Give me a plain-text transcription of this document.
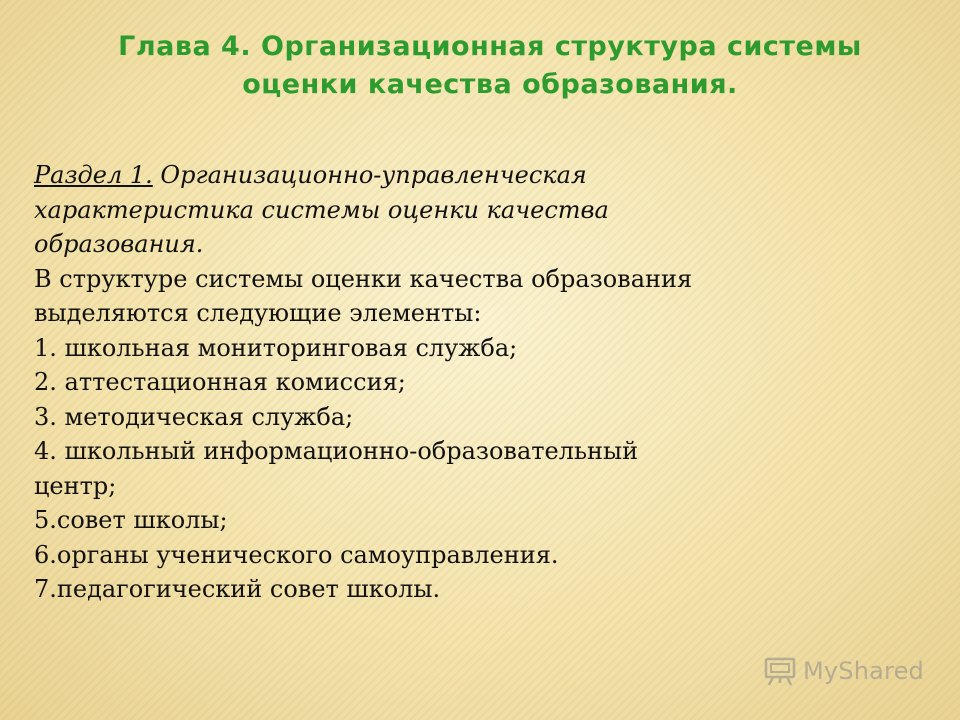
Глава 4. Организационная структура системы
оценки качества образования.

Раздел 1. Организационно-управленческая

характеристика системы оценки качества

образования.

В структуре системы оценки качества образования

выделяются следующие элементы:

1. школьная мониторинговая служба;

2. аттестационная комиссия;

3. методическая служба;

4. школьный информационно-образовательный

центр;

5.совет школы;

6.органы ученического самоуправления.

7.педагогический совет школы.

MyShared
